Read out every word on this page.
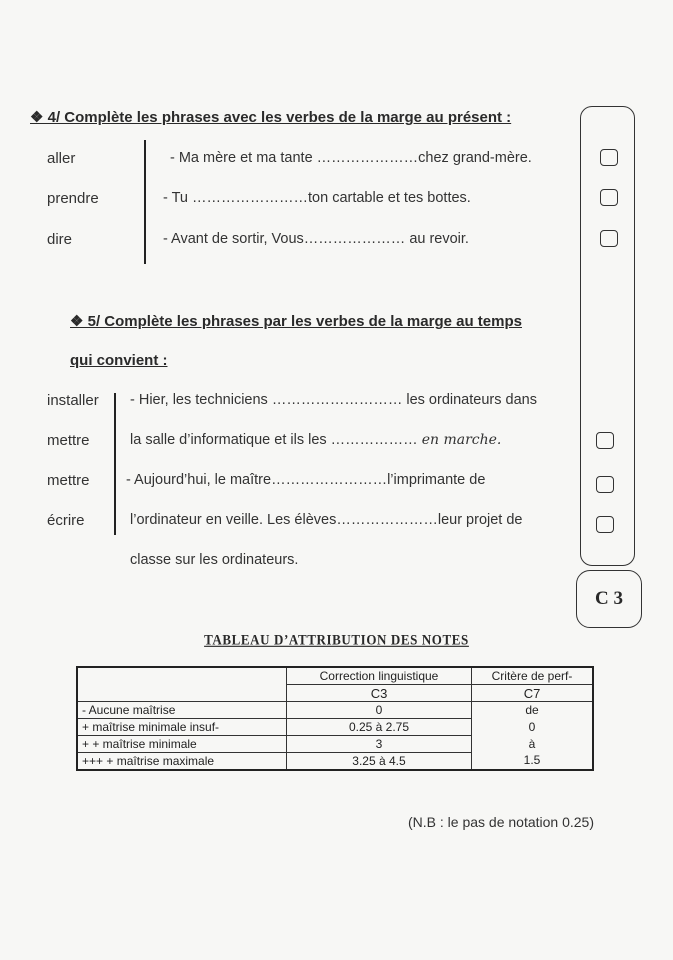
❖ 4/ Complète les phrases avec les verbes de la marge au présent :
aller
prendre
dire
- Ma mère et ma tante …………………chez grand-mère.
- Tu ……………………ton cartable et tes bottes.
- Avant de sortir, Vous………………… au revoir.
❖ 5/ Complète les phrases par les verbes de la marge au temps
qui convient :
installer
mettre
mettre
écrire
- Hier, les techniciens ……………………… les ordinateurs dans
la salle d’informatique et ils les ……………… en marche.
- Aujourd’hui, le maître……………………l’imprimante de
l’ordinateur en veille. Les élèves…………………leur projet de
classe sur les ordinateurs.
C 3
TABLEAU D’ATTRIBUTION DES NOTES
	Correction linguistique	Critère de perf-
	C3	C7
- Aucune maîtrise	0	de
+ maîtrise minimale insuf-	0.25 à 2.75	0
+ + maîtrise minimale	3	à
+++ + maîtrise maximale	3.25 à 4.5	1.5
(N.B : le pas de notation 0.25)
